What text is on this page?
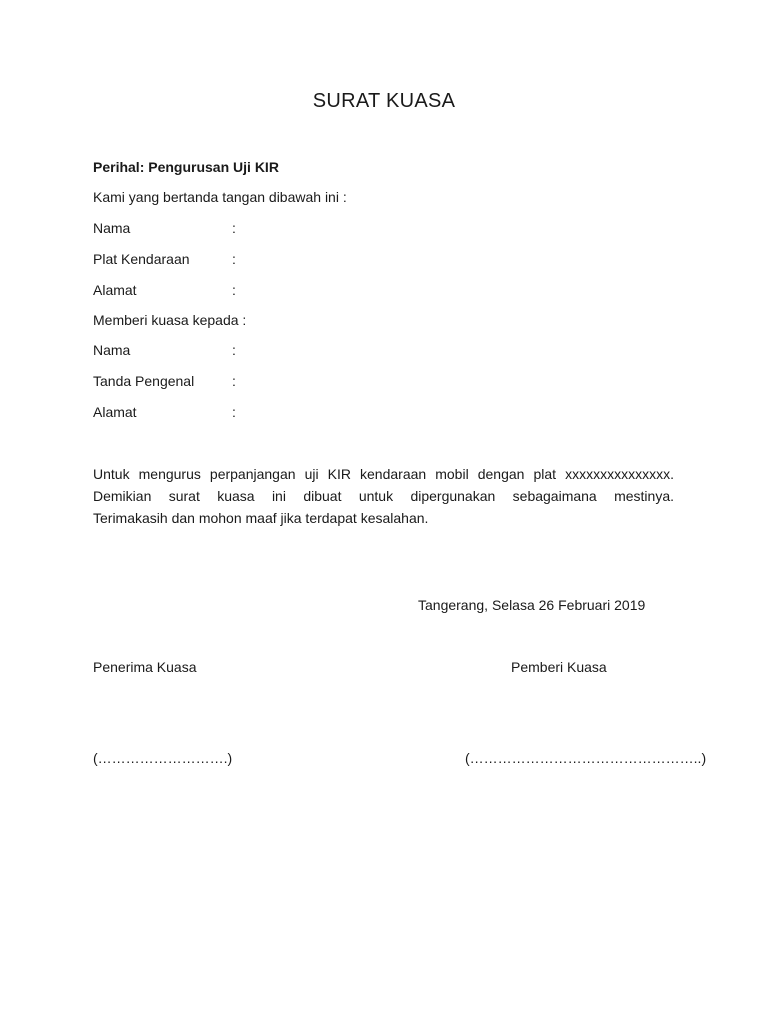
SURAT KUASA
Perihal: Pengurusan Uji KIR
Kami yang bertanda tangan dibawah ini :
Nama	:
Plat Kendaraan	:
Alamat	:
Memberi kuasa kepada :
Nama	:
Tanda Pengenal	:
Alamat	:
Untuk mengurus perpanjangan uji KIR kendaraan mobil dengan plat xxxxxxxxxxxxxxx.
Demikian surat kuasa ini dibuat untuk dipergunakan sebagaimana mestinya.
Terimakasih dan mohon maaf jika terdapat kesalahan.
Tangerang, Selasa 26 Februari 2019
Penerima Kuasa	Pemberi Kuasa
(……………………….)	(…………………………………………..)
